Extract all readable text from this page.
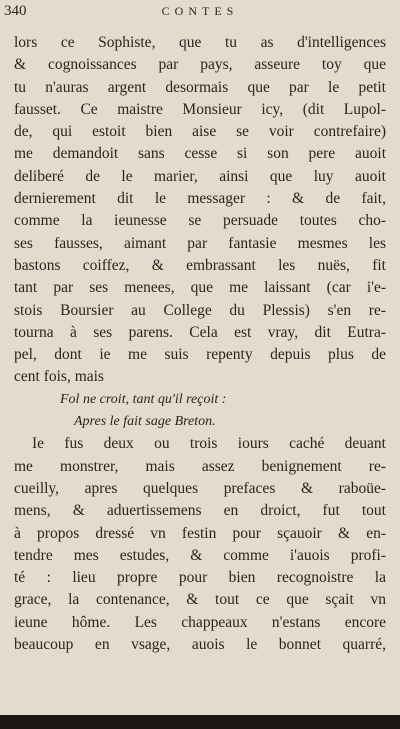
340	CONTES
lors ce Sophiste, que tu as d'intelligences
& cognoissances par pays, asseure toy que
tu n'auras argent desormais que par le petit
fausset. Ce maistre Monsieur icy, (dit Lupol-
de, qui estoit bien aise se voir contrefaire)
me demandoit sans cesse si son pere auoit
deliberé de le marier, ainsi que luy auoit
dernierement dit le messager : & de fait,
comme la ieunesse se persuade toutes cho-
ses fausses, aimant par fantasie mesmes les
bastons coiffez, & embrassant les nuës, fit
tant par ses menees, que me laissant (car i'e-
stois Boursier au College du Plessis) s'en re-
tourna à ses parens. Cela est vray, dit Eutra-
pel, dont ie me suis repenty depuis plus de
cent fois, mais
Fol ne croit, tant qu'il reçoit :
Apres le fait sage Breton.
Ie fus deux ou trois iours caché deuant
me monstrer, mais assez benignement re-
cueilly, apres quelques prefaces & raboüe-
mens, & aduertissemens en droict, fut tout
à propos dressé vn festin pour sçauoir & en-
tendre mes estudes, & comme i'auois profi-
té : lieu propre pour bien recognoistre la
grace, la contenance, & tout ce que sçait vn
ieune hôme. Les chappeaux n'estans encore
beaucoup en vsage, auois le bonnet quarré,
